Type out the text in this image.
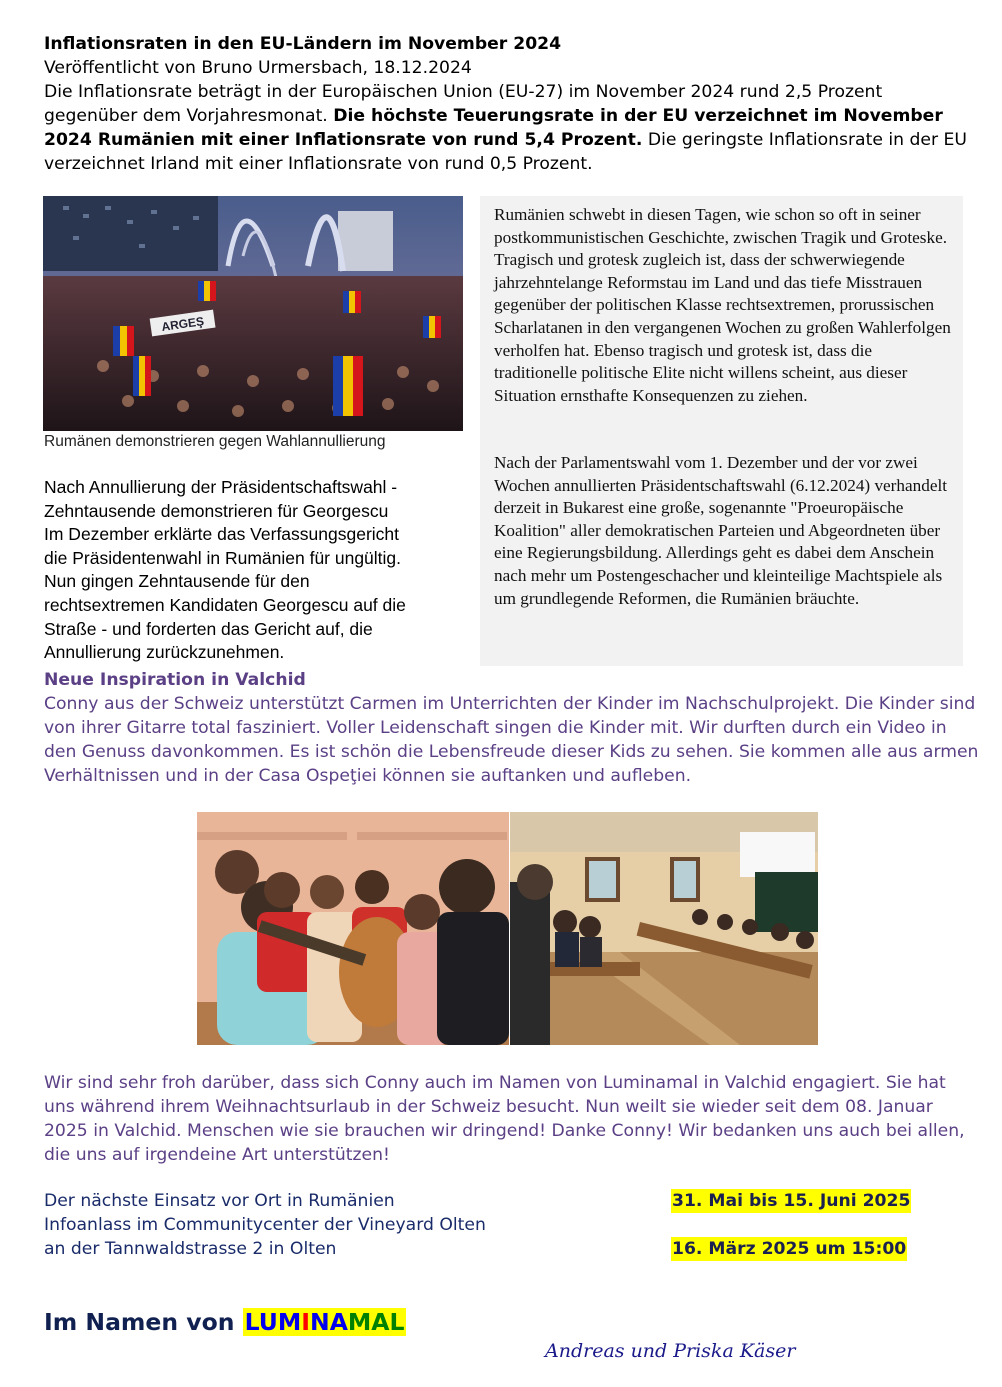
Inflationsraten in den EU-Ländern im November 2024
Veröffentlicht von Bruno Urmersbach, 18.12.2024
Die Inflationsrate beträgt in der Europäischen Union (EU-27) im November 2024 rund 2,5 Prozent gegenüber dem Vorjahresmonat. Die höchste Teuerungsrate in der EU verzeichnet im November 2024 Rumänien mit einer Inflationsrate von rund 5,4 Prozent. Die geringste Inflationsrate in der EU verzeichnet Irland mit einer Inflationsrate von rund 0,5 Prozent.
ARGEŞ
Rumänen demonstrieren gegen Wahlannullierung
Nach Annullierung der Präsidentschaftswahl -
Zehntausende demonstrieren für Georgescu
Im Dezember erklärte das Verfassungsgericht
die Präsidentenwahl in Rumänien für ungültig.
Nun gingen Zehntausende für den
rechtsextremen Kandidaten Georgescu auf die
Straße - und forderten das Gericht auf, die
Annullierung zurückzunehmen.
Rumänien schwebt in diesen Tagen, wie schon so oft in seiner postkommunistischen Geschichte, zwischen Tragik und Groteske. Tragisch und grotesk zugleich ist, dass der schwerwiegende jahrzehntelange Reformstau im Land und das tiefe Misstrauen gegenüber der politischen Klasse rechtsextremen, prorussischen Scharlatanen in den vergangenen Wochen zu großen Wahlerfolgen verholfen hat. Ebenso tragisch und grotesk ist, dass die traditionelle politische Elite nicht willens scheint, aus dieser Situation ernsthafte Konsequenzen zu ziehen.
Nach der Parlamentswahl vom 1. Dezember und der vor zwei Wochen annullierten Präsidentschaftswahl (6.12.2024) verhandelt derzeit in Bukarest eine große, sogenannte "Proeuropäische Koalition" aller demokratischen Parteien und Abgeordneten über eine Regierungsbildung. Allerdings geht es dabei dem Anschein nach mehr um Postengeschacher und kleinteilige Machtspiele als um grundlegende Reformen, die Rumänien bräuchte.
Neue Inspiration in Valchid
Conny aus der Schweiz unterstützt Carmen im Unterrichten der Kinder im Nachschulprojekt. Die Kinder sind von ihrer Gitarre total fasziniert. Voller Leidenschaft singen die Kinder mit. Wir durften durch ein Video in den Genuss davonkommen. Es ist schön die Lebensfreude dieser Kids zu sehen. Sie kommen alle aus armen Verhältnissen und in der Casa Ospeţiei können sie auftanken und aufleben.
Wir sind sehr froh darüber, dass sich Conny auch im Namen von Luminamal in Valchid engagiert. Sie hat uns während ihrem Weihnachtsurlaub in der Schweiz besucht. Nun weilt sie wieder seit dem 08. Januar 2025 in Valchid. Menschen wie sie brauchen wir dringend! Danke Conny! Wir bedanken uns auch bei allen, die uns auf irgendeine Art unterstützen!
Der nächste Einsatz vor Ort in Rumänien	31. Mai bis 15. Juni 2025
Infoanlass im Communitycenter der Vineyard Olten
an der Tannwaldstrasse 2 in Olten	16. März 2025 um 15:00
Im Namen von LUMINAMAL
Andreas und Priska Käser
